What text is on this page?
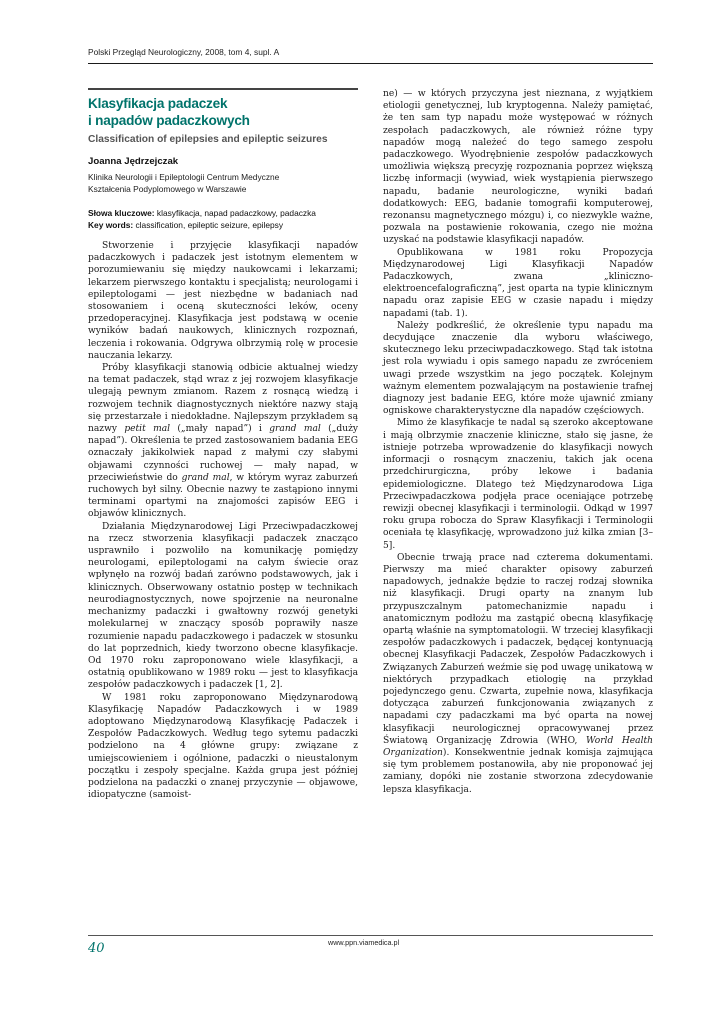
Polski Przegląd Neurologiczny, 2008, tom 4, supl. A
Klasyfikacja padaczek
i napadów padaczkowych

Classification of epilepsies and epileptic seizures

Joanna Jędrzejczak

Klinika Neurologii i Epileptologii Centrum Medyczne
Kształcenia Podyplomowego w Warszawie

Słowa kluczowe: klasyfikacja, napad padaczkowy, padaczka

Key words: classification, epileptic seizure, epilepsy

Stworzenie i przyjęcie klasyfikacji napadów padaczkowych i padaczek jest istotnym elementem w porozumiewaniu się między naukowcami i lekarzami; lekarzem pierwszego kontaktu i specjalistą; neurologami i epileptologami — jest niezbędne w badaniach nad stosowaniem i oceną skuteczności leków, oceny przedoperacyjnej. Klasyfikacja jest podstawą w ocenie wyników badań naukowych, klinicznych rozpoznań, leczenia i rokowania. Odgrywa olbrzymią rolę w procesie nauczania lekarzy.

Próby klasyfikacji stanowią odbicie aktualnej wiedzy na temat padaczek, stąd wraz z jej rozwojem klasyfikacje ulegają pewnym zmianom. Razem z rosnącą wiedzą i rozwojem technik diagnostycznych niektóre nazwy stają się przestarzałe i niedokładne. Najlepszym przykładem są nazwy petit mal („mały napad”) i grand mal („duży napad”). Określenia te przed zastosowaniem badania EEG oznaczały jakikolwiek napad z małymi czy słabymi objawami czynności ruchowej — mały napad, w przeciwieństwie do grand mal, w którym wyraz zaburzeń ruchowych był silny. Obecnie nazwy te zastąpiono innymi terminami opartymi na znajomości zapisów EEG i objawów klinicznych.

Działania Międzynarodowej Ligi Przeciwpadaczkowej na rzecz stworzenia klasyfikacji padaczek znacząco usprawniło i pozwoliło na komunikację pomiędzy neurologami, epileptologami na całym świecie oraz wpłynęło na rozwój badań zarówno podstawowych, jak i klinicznych. Obserwowany ostatnio postęp w technikach neurodiagnostycznych, nowe spojrzenie na neuronalne mechanizmy padaczki i gwałtowny rozwój genetyki molekularnej w znaczący sposób poprawiły nasze rozumienie napadu padaczkowego i padaczek w stosunku do lat poprzednich, kiedy tworzono obecne klasyfikacje. Od 1970 roku zaproponowano wiele klasyfikacji, a ostatnią opublikowano w 1989 roku — jest to klasyfikacja zespołów padaczkowych i padaczek [1, 2].

W 1981 roku zaproponowano Międzynarodową Klasyfikację Napadów Padaczkowych i w 1989 adoptowano Międzynarodową Klasyfikację Padaczek i Zespołów Padaczkowych. Według tego sytemu padaczki podzielono na 4 główne grupy: związane z umiejscowieniem i ogólnione, padaczki o nieustalonym początku i zespoły specjalne. Każda grupa jest później podzielona na padaczki o znanej przyczynie — objawowe, idiopatyczne (samoist-

ne) — w których przyczyna jest nieznana, z wyjątkiem etiologii genetycznej, lub kryptogenna. Należy pamiętać, że ten sam typ napadu może występować w różnych zespołach padaczkowych, ale również różne typy napadów mogą należeć do tego samego zespołu padaczkowego. Wyodrębnienie zespołów padaczkowych umożliwia większą precyzję rozpoznania poprzez większą liczbę informacji (wywiad, wiek wystąpienia pierwszego napadu, badanie neurologiczne, wyniki badań dodatkowych: EEG, badanie tomografii komputerowej, rezonansu magnetycznego mózgu) i, co niezwykle ważne, pozwala na postawienie rokowania, czego nie można uzyskać na podstawie klasyfikacji napadów.

Opublikowana w 1981 roku Propozycja Międzynarodowej Ligi Klasyfikacji Napadów Padaczkowych, zwana „kliniczno-elektroencefalograficzną”, jest oparta na typie klinicznym napadu oraz zapisie EEG w czasie napadu i między napadami (tab. 1).

Należy podkreślić, że określenie typu napadu ma decydujące znaczenie dla wyboru właściwego, skutecznego leku przeciwpadaczkowego. Stąd tak istotna jest rola wywiadu i opis samego napadu ze zwróceniem uwagi przede wszystkim na jego początek. Kolejnym ważnym elementem pozwalającym na postawienie trafnej diagnozy jest badanie EEG, które może ujawnić zmiany ogniskowe charakterystyczne dla napadów częściowych.

Mimo że klasyfikacje te nadal są szeroko akceptowane i mają olbrzymie znaczenie kliniczne, stało się jasne, że istnieje potrzeba wprowadzenie do klasyfikacji nowych informacji o rosnącym znaczeniu, takich jak ocena przedchirurgiczna, próby lekowe i badania epidemiologiczne. Dlatego też Międzynarodowa Liga Przeciwpadaczkowa podjęła prace oceniające potrzebę rewizji obecnej klasyfikacji i terminologii. Odkąd w 1997 roku grupa robocza do Spraw Klasyfikacji i Terminologii oceniała tę klasyfikację, wprowadzono już kilka zmian [3–5].

Obecnie trwają prace nad czterema dokumentami. Pierwszy ma mieć charakter opisowy zaburzeń napadowych, jednakże będzie to raczej rodzaj słownika niż klasyfikacji. Drugi oparty na znanym lub przypuszczalnym patomechanizmie napadu i anatomicznym podłożu ma zastąpić obecną klasyfikację opartą właśnie na symptomatologii. W trzeciej klasyfikacji zespołów padaczkowych i padaczek, będącej kontynuacją obecnej Klasyfikacji Padaczek, Zespołów Padaczkowych i Związanych Zaburzeń weźmie się pod uwagę unikatową w niektórych przypadkach etiologię na przykład pojedynczego genu. Czwarta, zupełnie nowa, klasyfikacja dotycząca zaburzeń funkcjonowania związanych z napadami czy padaczkami ma być oparta na nowej klasyfikacji neurologicznej opracowywanej przez Światową Organizację Zdrowia (WHO, World Health Organization). Konsekwentnie jednak komisja zajmująca się tym problemem postanowiła, aby nie proponować jej zamiany, dopóki nie zostanie stworzona zdecydowanie lepsza klasyfikacja.

40	www.ppn.viamedica.pl
